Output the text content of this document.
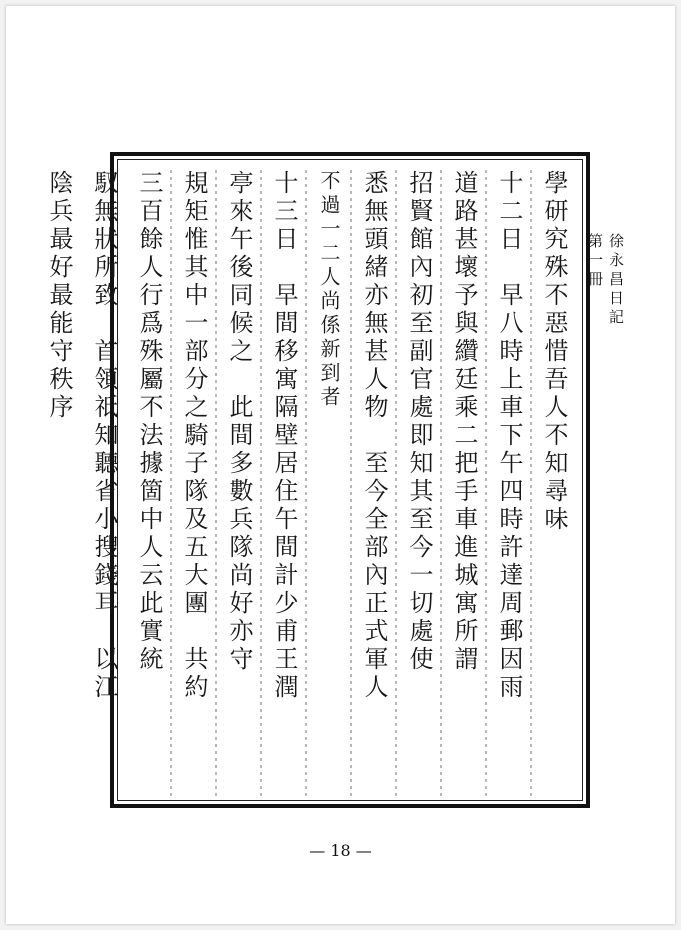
徐永昌日記
第一冊
學研究殊不惡惜吾人不知尋味
十二日　早八時上車下午四時許達周郵因雨
道路甚壞予與纘廷乘二把手車進城寓所謂
招賢館內初至副官處即知其至今一切處使
悉無頭緒亦無甚人物　至今全部內正式軍人
不過一二人尚係新到者
十三日　早間移寓隔壁居住午間計少甫王潤
亭來午後同候之　此間多數兵隊尚好亦守
規矩惟其中一部分之騎子隊及五大團　共約
三百餘人行爲殊屬不法據箇中人云此實統
馭無狀所致　首領祗知聽省小搜錢耳　以江
陰兵最好最能守秩序
— 18 —
